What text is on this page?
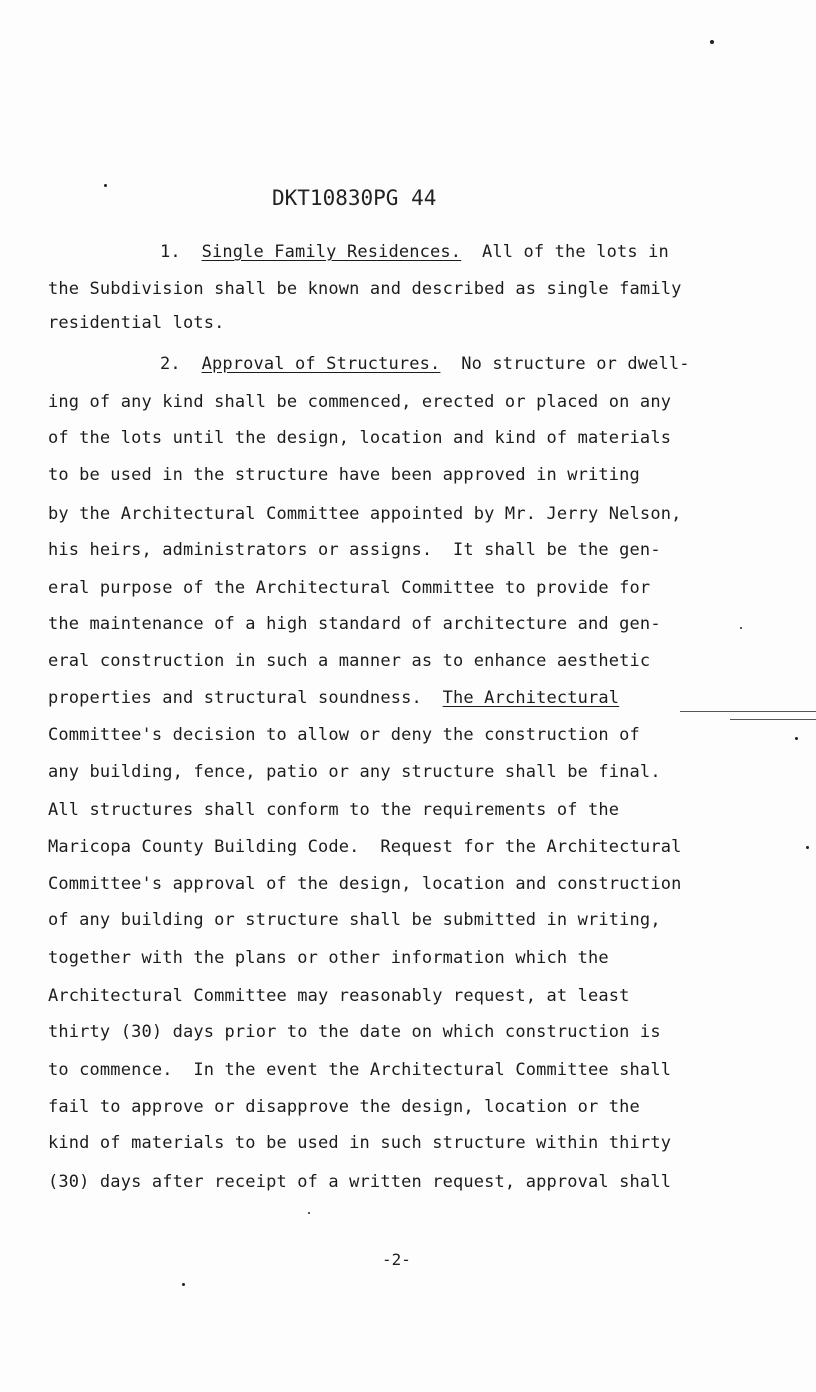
DKT10830PG 44
1. Single Family Residences. All of the lots in
the Subdivision shall be known and described as single family
residential lots.
2. Approval of Structures. No structure or dwell-
ing of any kind shall be commenced, erected or placed on any
of the lots until the design, location and kind of materials
to be used in the structure have been approved in writing
by the Architectural Committee appointed by Mr. Jerry Nelson,
his heirs, administrators or assigns.  It shall be the gen-
eral purpose of the Architectural Committee to provide for
the maintenance of a high standard of architecture and gen-
eral construction in such a manner as to enhance aesthetic
properties and structural soundness. The Architectural
Committee's decision to allow or deny the construction of
any building, fence, patio or any structure shall be final.
All structures shall conform to the requirements of the
Maricopa County Building Code.  Request for the Architectural
Committee's approval of the design, location and construction
of any building or structure shall be submitted in writing,
together with the plans or other information which the
Architectural Committee may reasonably request, at least
thirty (30) days prior to the date on which construction is
to commence.  In the event the Architectural Committee shall
fail to approve or disapprove the design, location or the
kind of materials to be used in such structure within thirty
(30) days after receipt of a written request, approval shall
-2-
